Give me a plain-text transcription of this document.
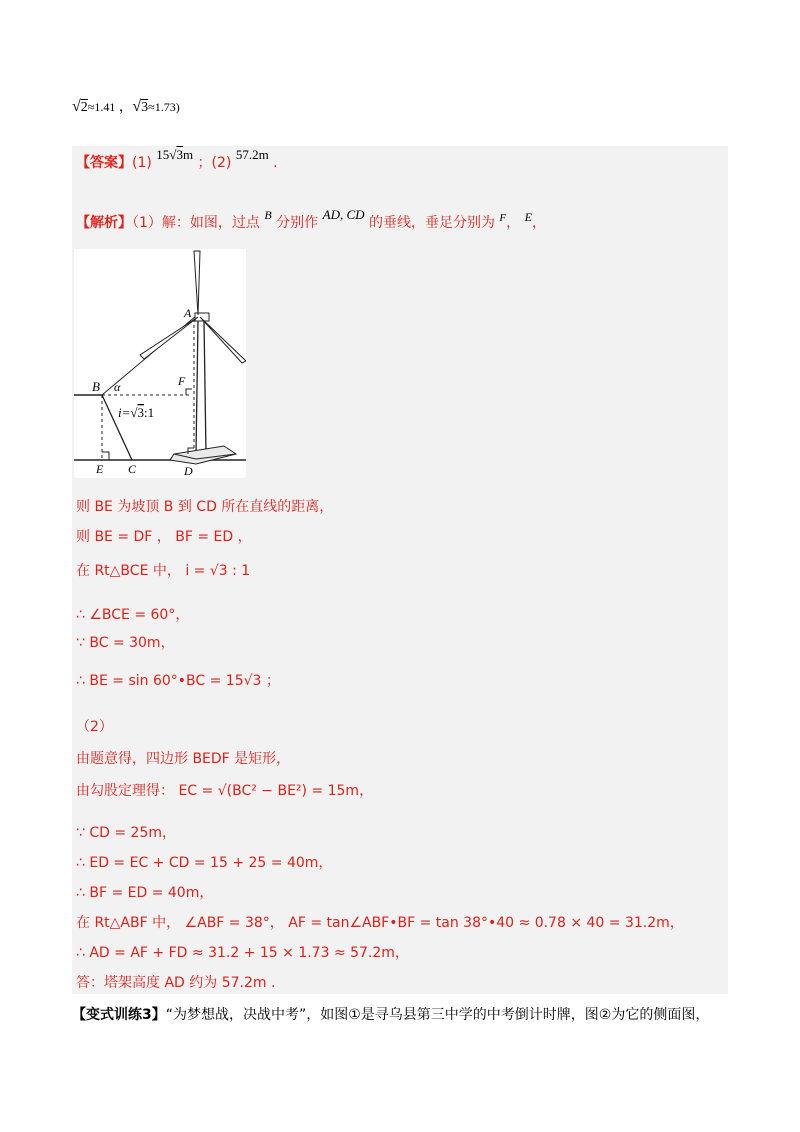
√2≈1.41 ， √3≈1.73)
【答案】(1) 15√3m ；(2) 57.2m .
【解析】（1）解：如图，过点 B 分别作 AD, CD 的垂线，垂足分别为 $^F$， E，
A
B α	F
i=√3:1
E C	D
则 BE 为坡顶 B 到 CD 所在直线的距离，
则 BE = DF ， BF = ED ，
在 Rt△BCE 中， i = √3 : 1
∴ ∠BCE = 60°，
∵ BC = 30m，
∴ BE = sin 60°•BC = 15√3 ；
（2）
由题意得，四边形 BEDF 是矩形，
由勾股定理得： EC = √(BC² − BE²) = 15m，
∵ CD = 25m，
∴ ED = EC + CD = 15 + 25 = 40m，
∴ BF = ED = 40m，
在 Rt△ABF 中， ∠ABF = 38°， AF = tan∠ABF•BF = tan 38°•40 ≈ 0.78 × 40 = 31.2m，
∴ AD = AF + FD ≈ 31.2 + 15 × 1.73 ≈ 57.2m，
答：塔架高度 AD 约为 57.2m .
【变式训练3】“为梦想战，决战中考”，如图①是寻乌县第三中学的中考倒计时牌，图②为它的侧面图，
